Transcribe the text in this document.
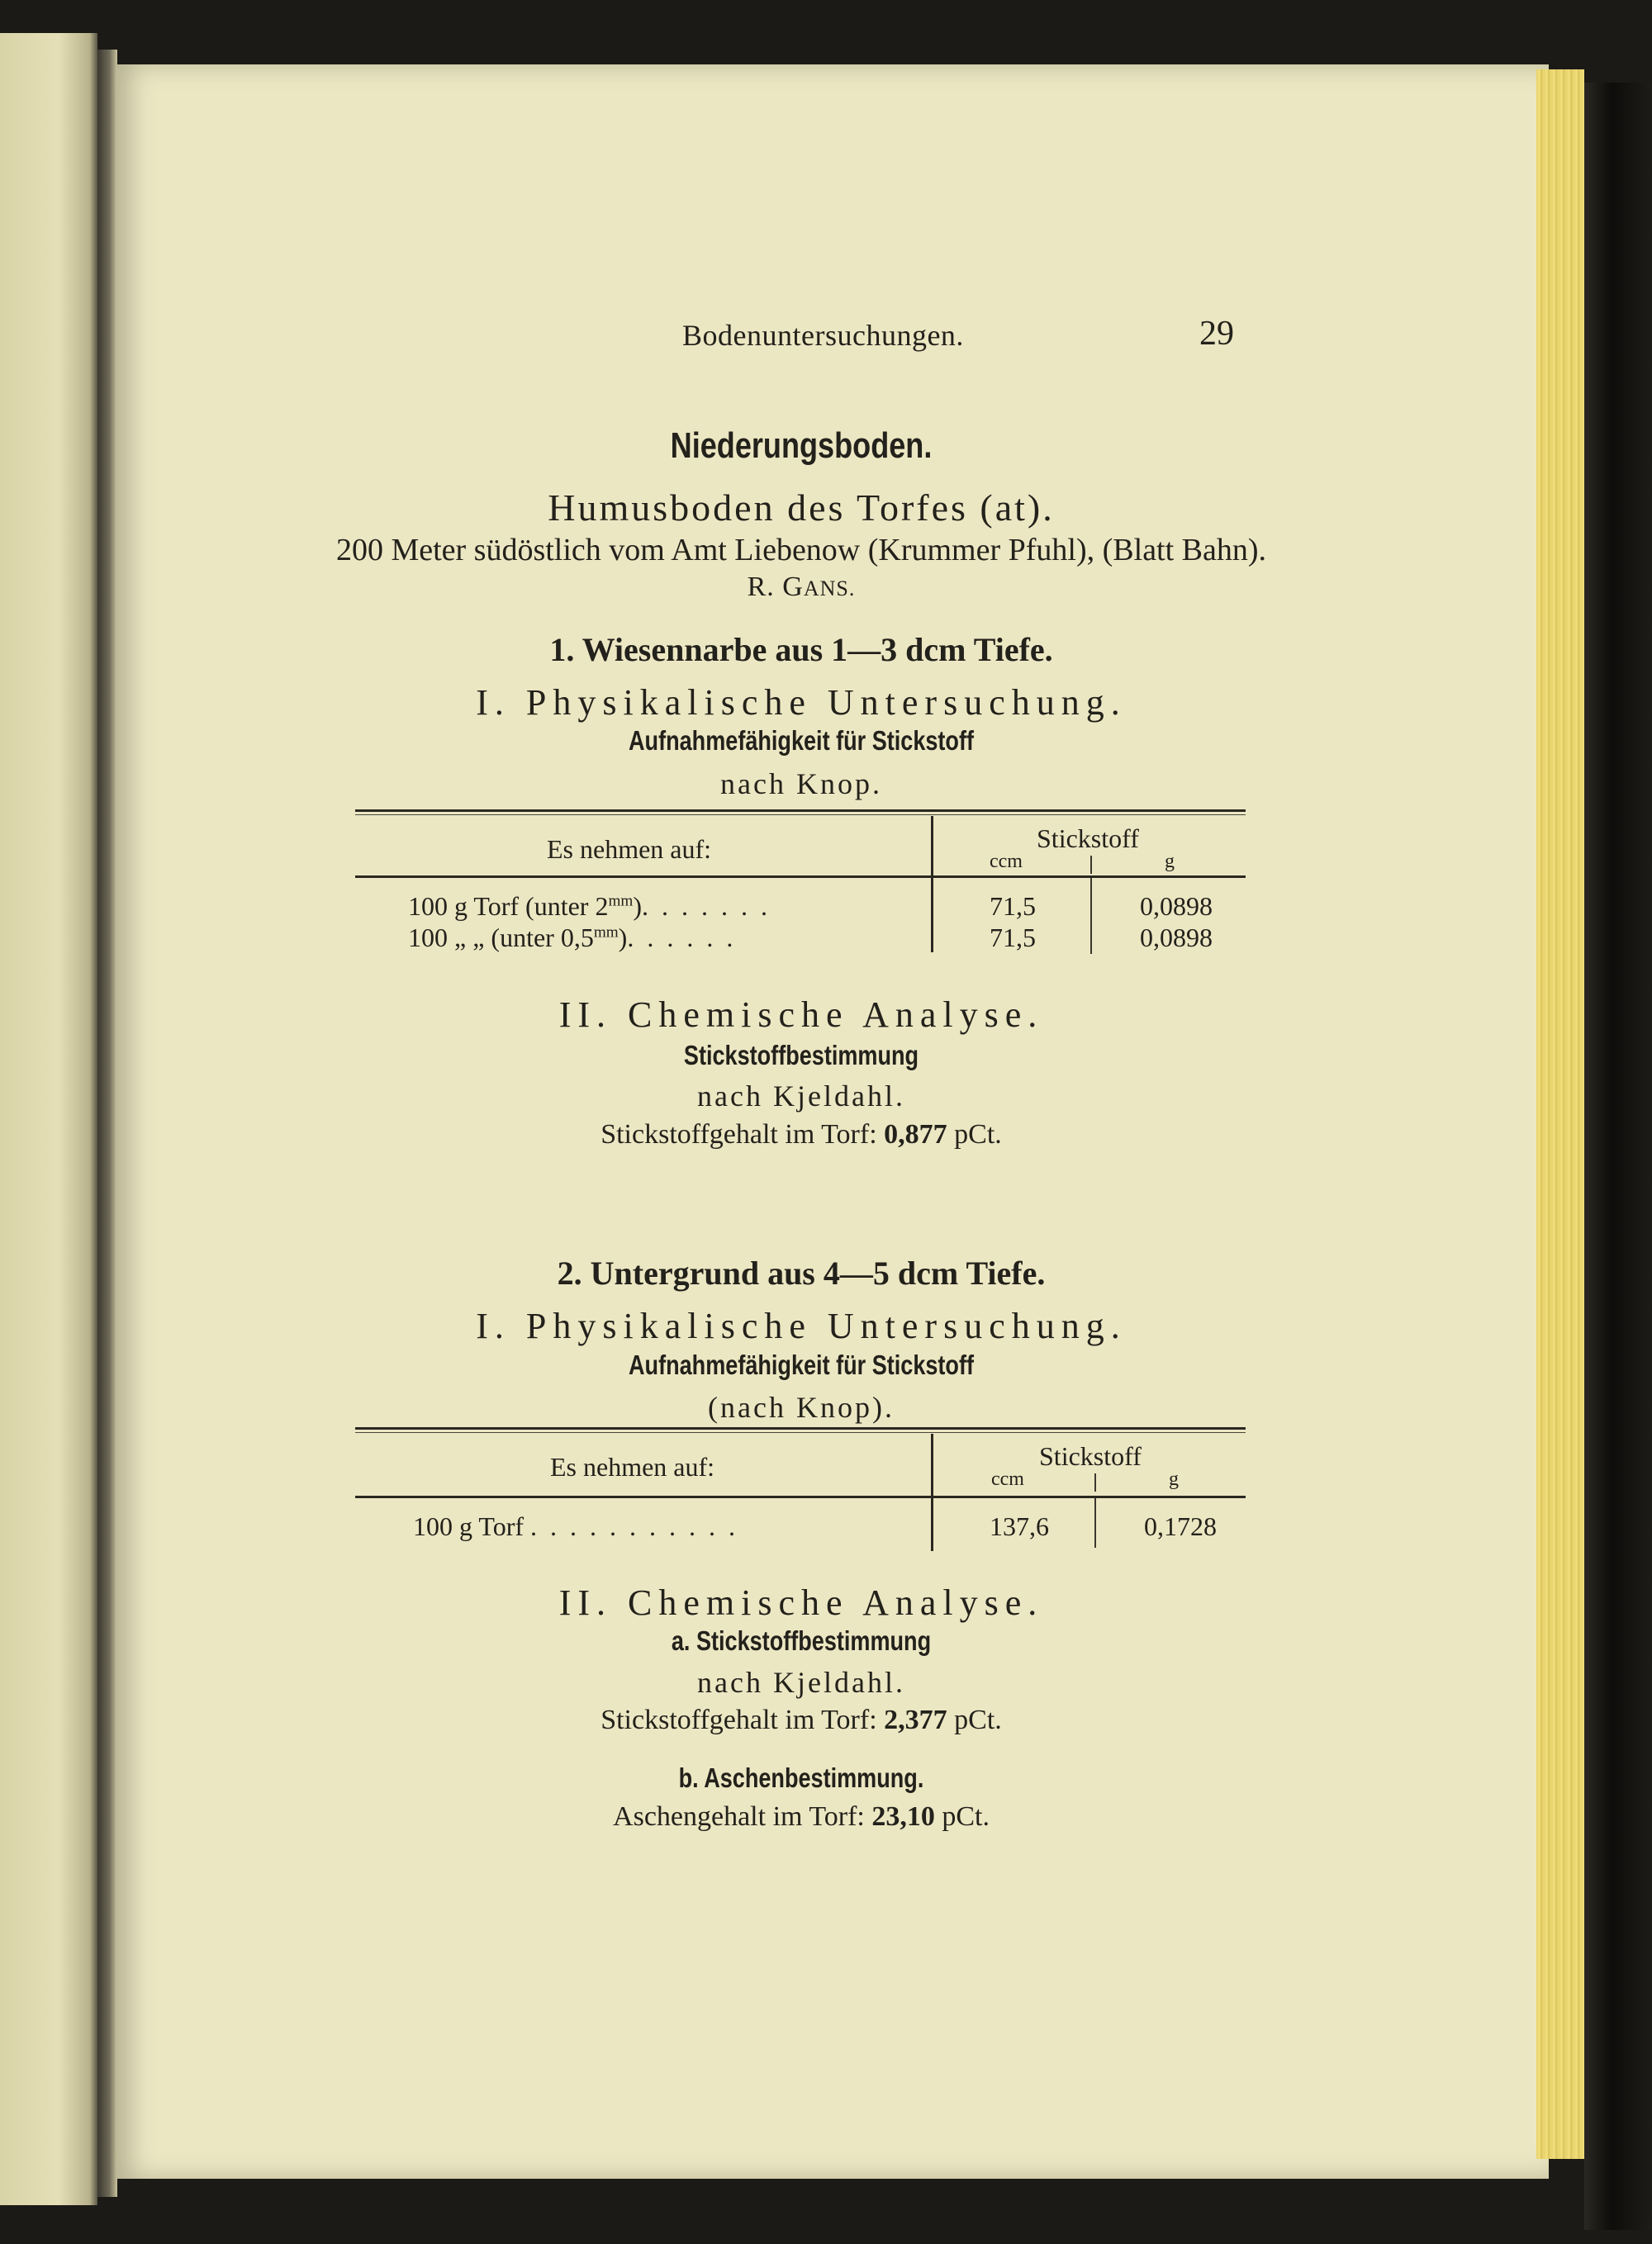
Bodenuntersuchungen.	29
Niederungsboden.
Humusboden des Torfes (at).
200 Meter südöstlich vom Amt Liebenow (Krummer Pfuhl), (Blatt Bahn).
R. GANS.
1. Wiesennarbe aus 1—3 dcm Tiefe.
I. Physikalische Untersuchung.
Aufnahmefähigkeit für Stickstoff
nach Knop.
Es nehmen auf:	Stickstoff
ccm	g
100 g Torf (unter $2^{mm}$). . . . . . .	71,5	0,0898
100 „ „ (unter $0,5^{mm}$). . . . . .	71,5	0,0898
II. Chemische Analyse.
Stickstoffbestimmung
nach Kjeldahl.
Stickstoffgehalt im Torf: 0,877 pCt.
2. Untergrund aus 4—5 dcm Tiefe.
I. Physikalische Untersuchung.
Aufnahmefähigkeit für Stickstoff
(nach Knop).
Es nehmen auf:	Stickstoff
ccm	g
100 g Torf . . . . . . . . . . .	137,6	0,1728
II. Chemische Analyse.
a. Stickstoffbestimmung
nach Kjeldahl.
Stickstoffgehalt im Torf: 2,377 pCt.
b. Aschenbestimmung.
Aschengehalt im Torf: 23,10 pCt.
